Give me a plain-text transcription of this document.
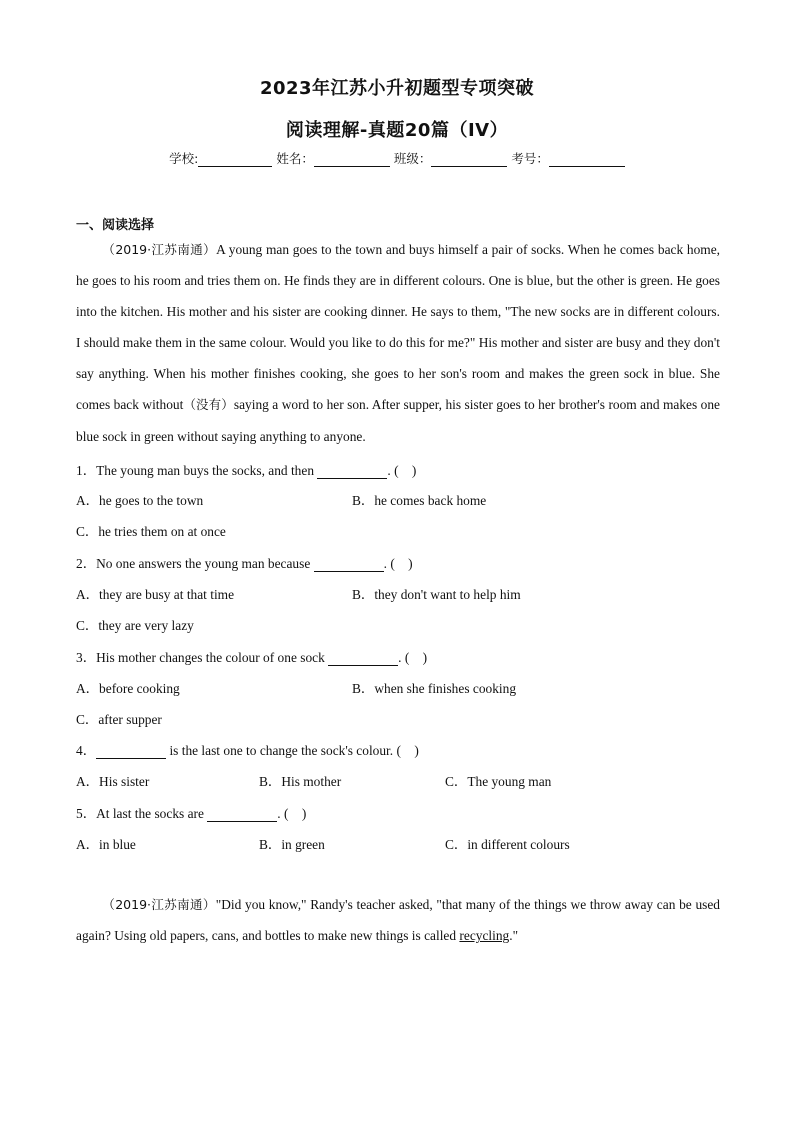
2023年江苏小升初题型专项突破
阅读理解-真题20篇（IV）
学校:	姓名：	班级：	考号：
一、阅读选择
（2019·江苏南通）A young man goes to the town and buys himself a pair of socks. When he comes back home, he goes to his room and tries them on. He finds they are in different colours. One is blue, but the other is green. He goes into the kitchen. His mother and his sister are cooking dinner. He says to them, "The new socks are in different colours. I should make them in the same colour. Would you like to do this for me?" His mother and sister are busy and they don't say anything. When his mother finishes cooking, she goes to her son's room and makes the green sock in blue. She comes back without（没有）saying a word to her son. After supper, his sister goes to her brother's room and makes one blue sock in green without saying anything to anyone.
1．The young man buys the socks, and then	. (　)
A．he goes to the town	B．he comes back home
C．he tries them on at once
2．No one answers the young man because	. (　)
A．they are busy at that time	B．they don't want to help him
C．they are very lazy
3．His mother changes the colour of one sock	. (　)
A．before cooking	B．when she finishes cooking
C．after supper
4．	is the last one to change the sock's colour. (　)
A．His sister	B．His mother	C．The young man
5．At last the socks are	. (　)
A．in blue	B．in green	C．in different colours
（2019·江苏南通）"Did you know," Randy's teacher asked, "that many of the things we throw away can be used again? Using old papers, cans, and bottles to make new things is called recycling."
